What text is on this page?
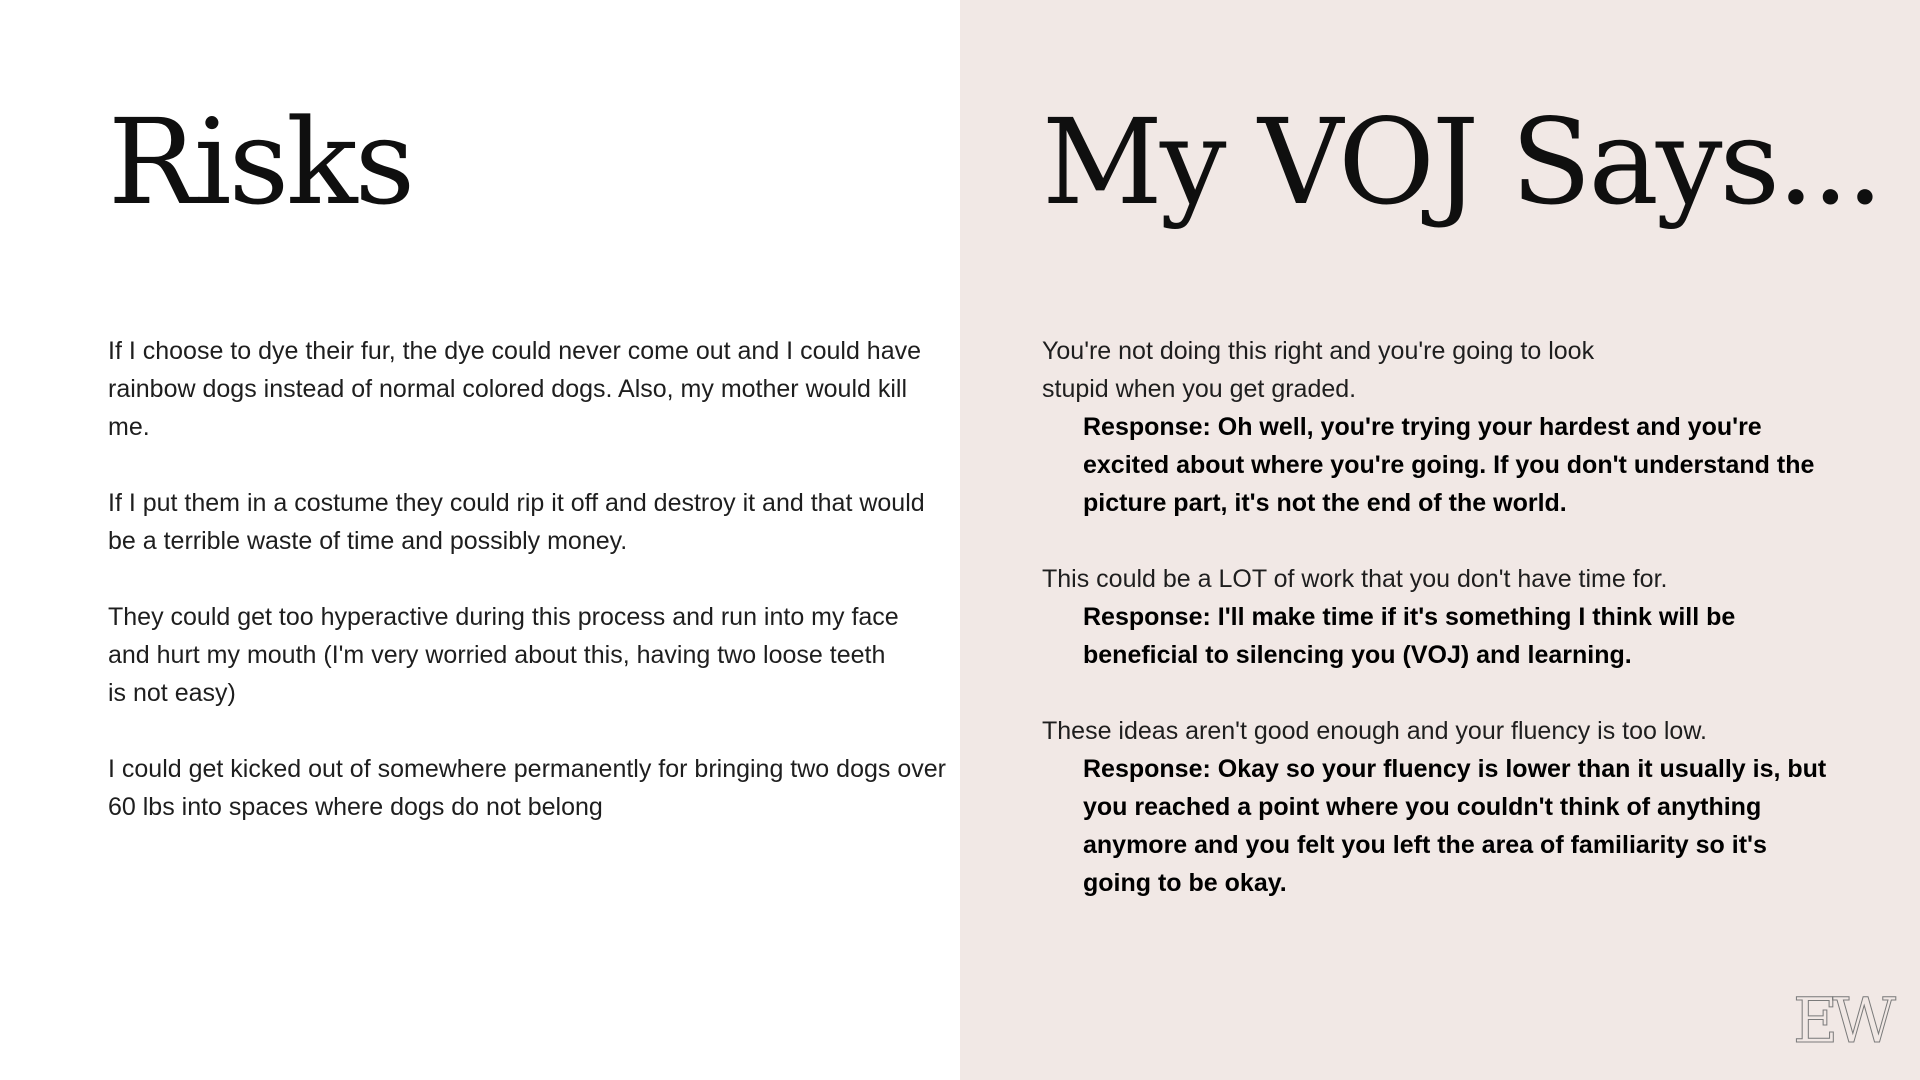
Risks

If I choose to dye their fur, the dye could never come out and I could have
rainbow dogs instead of normal colored dogs. Also, my mother would kill me.

If I put them in a costume they could rip it off and destroy it and that would
be a terrible waste of time and possibly money.

They could get too hyperactive during this process and run into my face
and hurt my mouth (I'm very worried about this, having two loose teeth
is not easy)

I could get kicked out of somewhere permanently for bringing two dogs over
60 lbs into spaces where dogs do not belong

My VOJ Says...

You're not doing this right and you're going to look
stupid when you get graded.

Response: Oh well, you're trying your hardest and you're excited about where you're going. If you don't understand the picture part, it's not the end of the world.

This could be a LOT of work that you don't have time for.

Response: I'll make time if it's something I think will be beneficial to silencing you (VOJ) and learning.

These ideas aren't good enough and your fluency is too low.

Response: Okay so your fluency is lower than it usually is, but you reached a point where you couldn't think of anything anymore and you felt you left the area of familiarity so it's going to be okay.

EW
